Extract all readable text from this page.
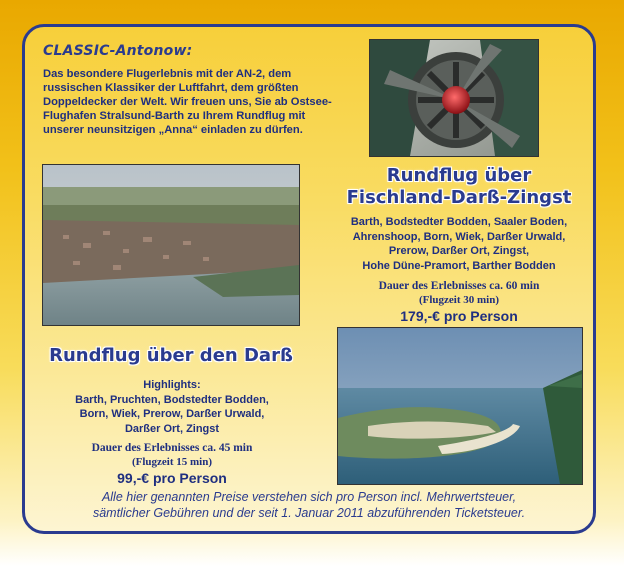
CLASSIC-Antonow:
Das besondere Flugerlebnis mit der AN-2, dem russischen Klassiker der Luftfahrt, dem größten Doppeldecker der Welt. Wir freuen uns, Sie ab Ostsee-Flughafen Stralsund-Barth zu Ihrem Rundflug mit unserer neunsitzigen „Anna“ einladen zu dürfen.
Rundflug über
Fischland-Darß-Zingst
Barth, Bodstedter Bodden, Saaler Boden,
Ahrenshoop, Born, Wiek, Darßer Urwald,
Prerow, Darßer Ort, Zingst,
Hohe Düne-Pramort, Barther Bodden
Dauer des Erlebnisses ca. 60 min
(Flugzeit 30 min)
179,-€ pro Person
Rundflug über den Darß
Highlights:
Barth, Pruchten, Bodstedter Bodden,
Born, Wiek, Prerow, Darßer Urwald,
Darßer Ort, Zingst
Dauer des Erlebnisses ca. 45 min
(Flugzeit 15 min)
99,-€ pro Person
Alle hier genannten Preise verstehen sich pro Person incl. Mehrwertsteuer,
sämtlicher Gebühren und der seit 1. Januar 2011 abzuführenden Ticketsteuer.
